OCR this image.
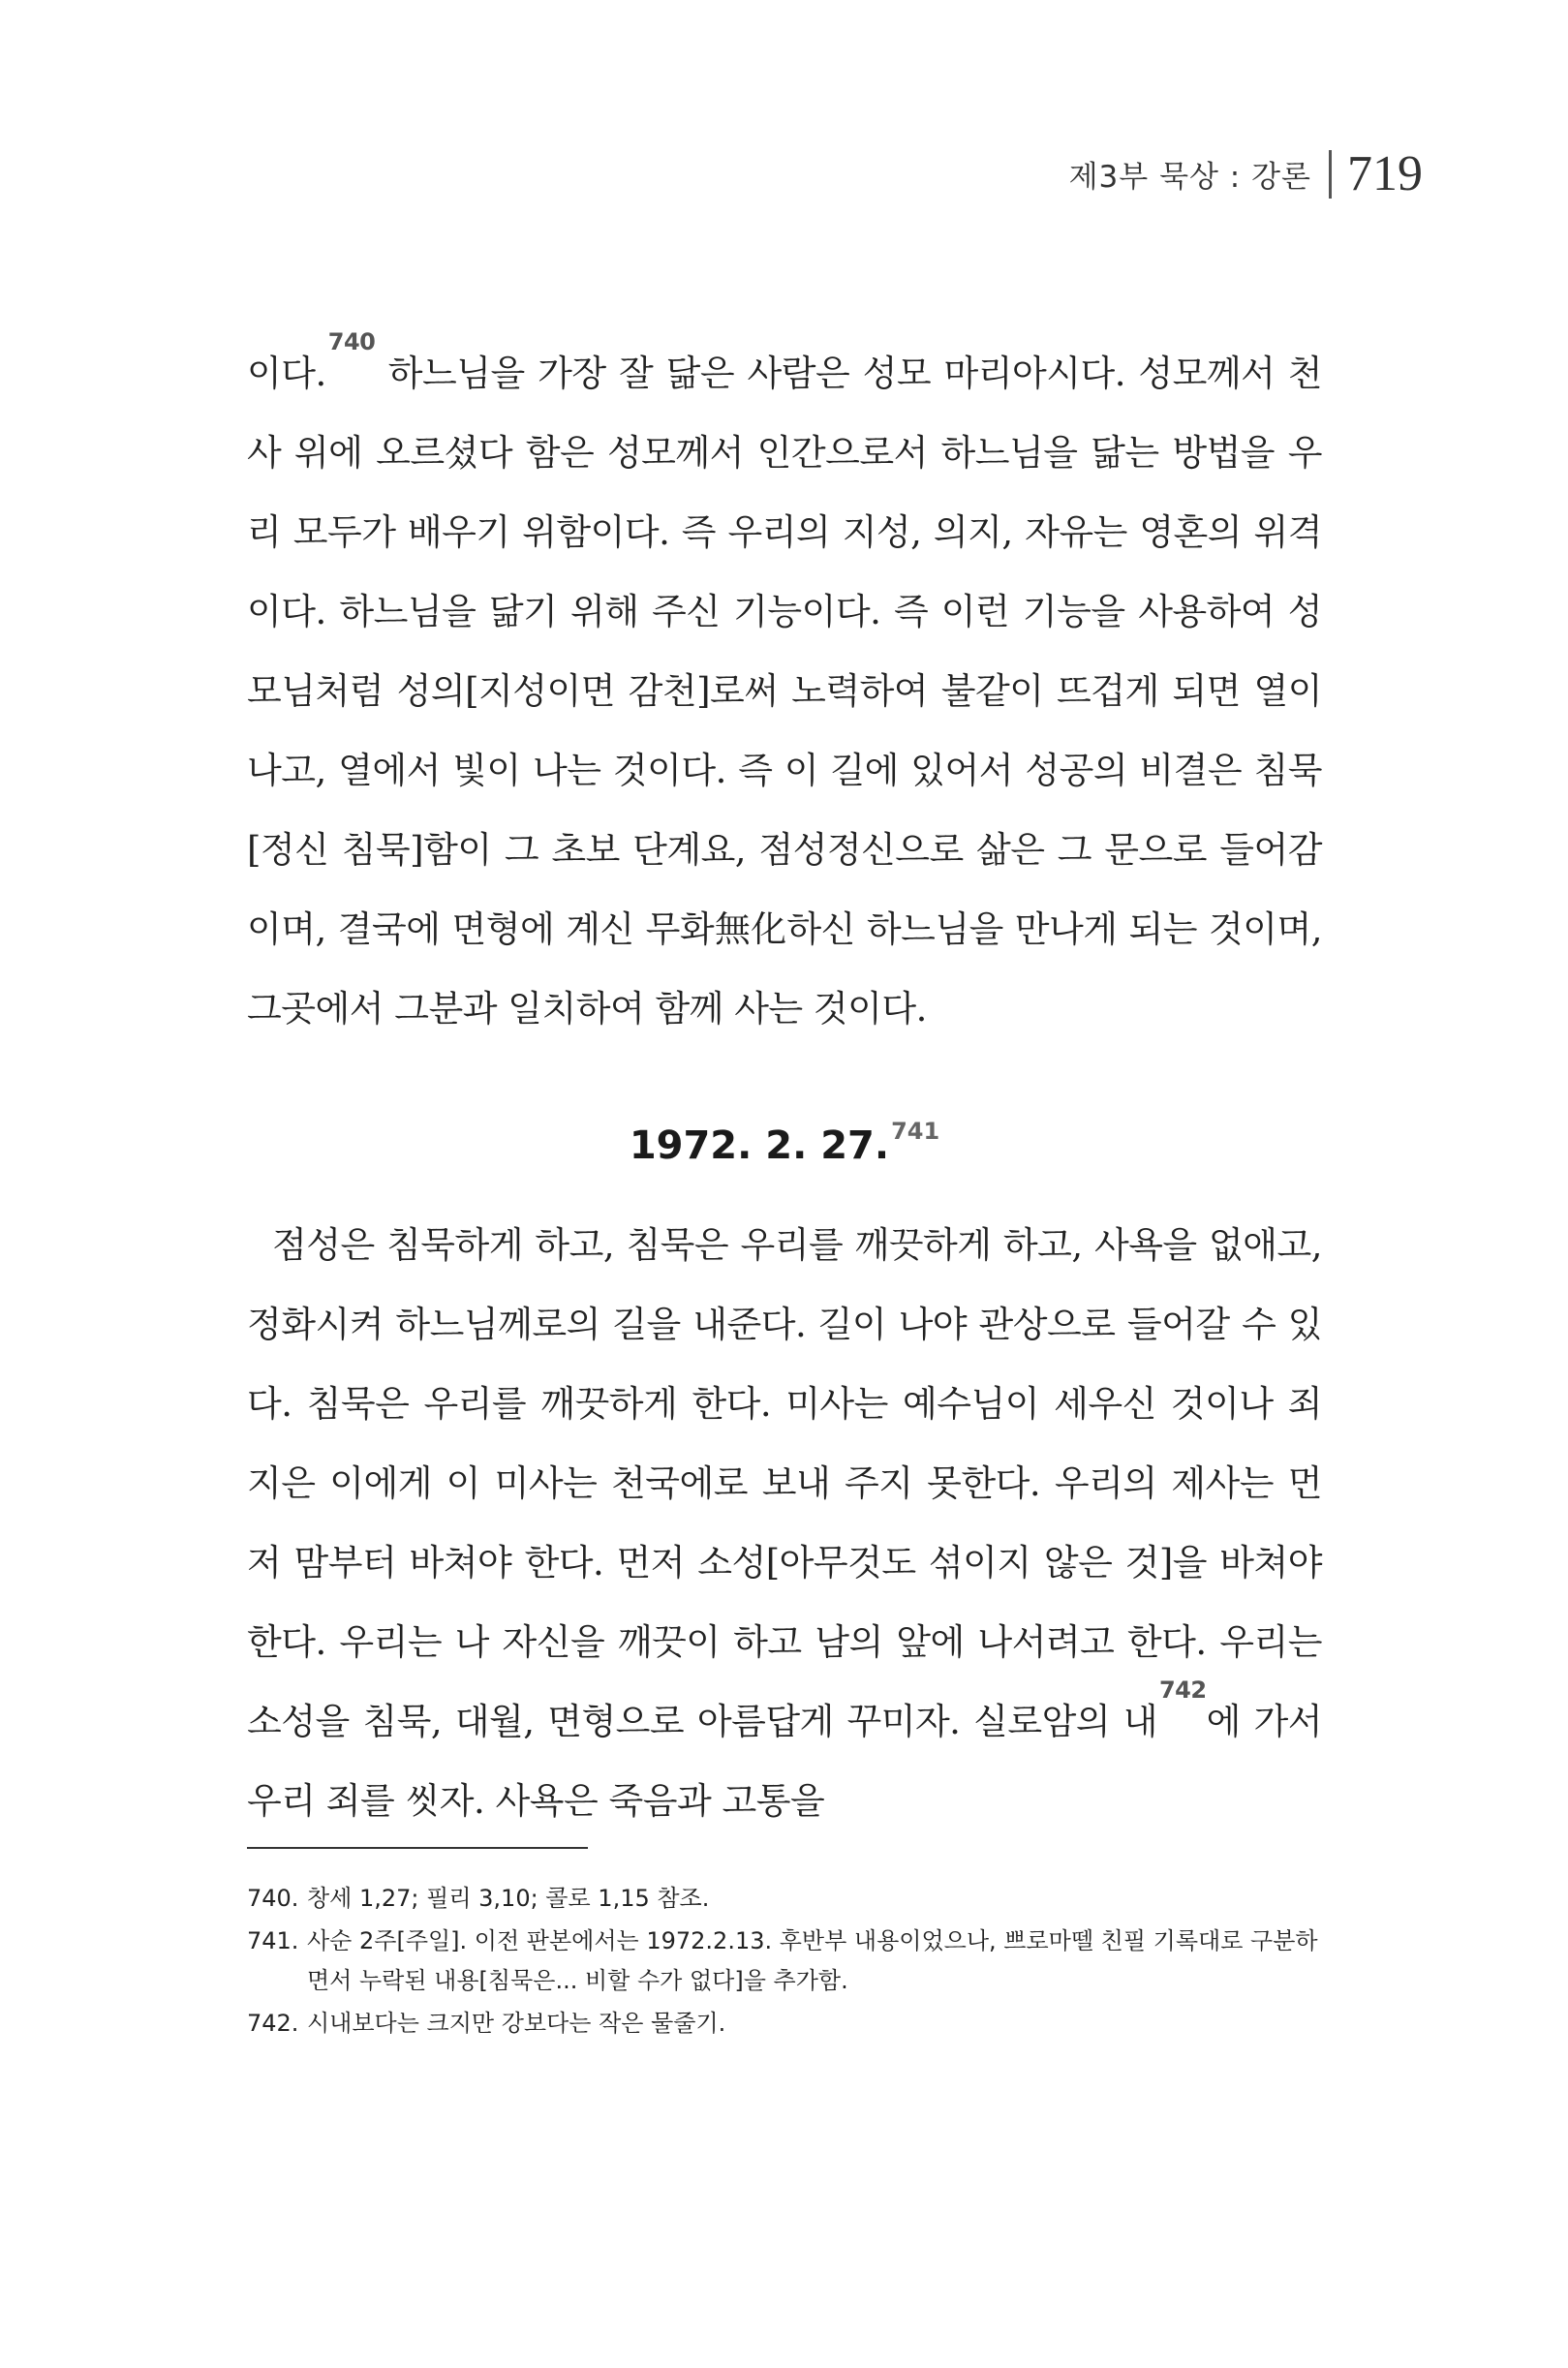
제3부 묵상 : 강론 719

이다.$^{740}$ 하느님을 가장 잘 닮은 사람은 성모 마리아시다. 성모께서 천사 위에 오르셨다 함은 성모께서 인간으로서 하느님을 닮는 방법을 우리 모두가 배우기 위함이다. 즉 우리의 지성, 의지, 자유는 영혼의 위격이다. 하느님을 닮기 위해 주신 기능이다. 즉 이런 기능을 사용하여 성모님처럼 성의[지성이면 감천]로써 노력하여 불같이 뜨겁게 되면 열이 나고, 열에서 빛이 나는 것이다. 즉 이 길에 있어서 성공의 비결은 침묵[정신 침묵]함이 그 초보 단계요, 점성정신으로 삶은 그 문으로 들어감이며, 결국에 면형에 계신 무화無化하신 하느님을 만나게 되는 것이며, 그곳에서 그분과 일치하여 함께 사는 것이다.

1972. 2. 27.$^{741}$

점성은 침묵하게 하고, 침묵은 우리를 깨끗하게 하고, 사욕을 없애고, 정화시켜 하느님께로의 길을 내준다. 길이 나야 관상으로 들어갈 수 있다. 침묵은 우리를 깨끗하게 한다. 미사는 예수님이 세우신 것이나 죄지은 이에게 이 미사는 천국에로 보내 주지 못한다. 우리의 제사는 먼저 맘부터 바쳐야 한다. 먼저 소성[아무것도 섞이지 않은 것]을 바쳐야 한다. 우리는 나 자신을 깨끗이 하고 남의 앞에 나서려고 한다. 우리는 소성을 침묵, 대월, 면형으로 아름답게 꾸미자. 실로암의 내$^{742}$에 가서 우리 죄를 씻자. 사욕은 죽음과 고통을

740. 창세 1,27; 필리 3,10; 콜로 1,15 참조.
741. 사순 2주[주일]. 이전 판본에서는 1972.2.13. 후반부 내용이었으나, 쁘로마뗄 친필 기록대로 구분하면서 누락된 내용[침묵은... 비할 수가 없다]을 추가함.
742. 시내보다는 크지만 강보다는 작은 물줄기.
